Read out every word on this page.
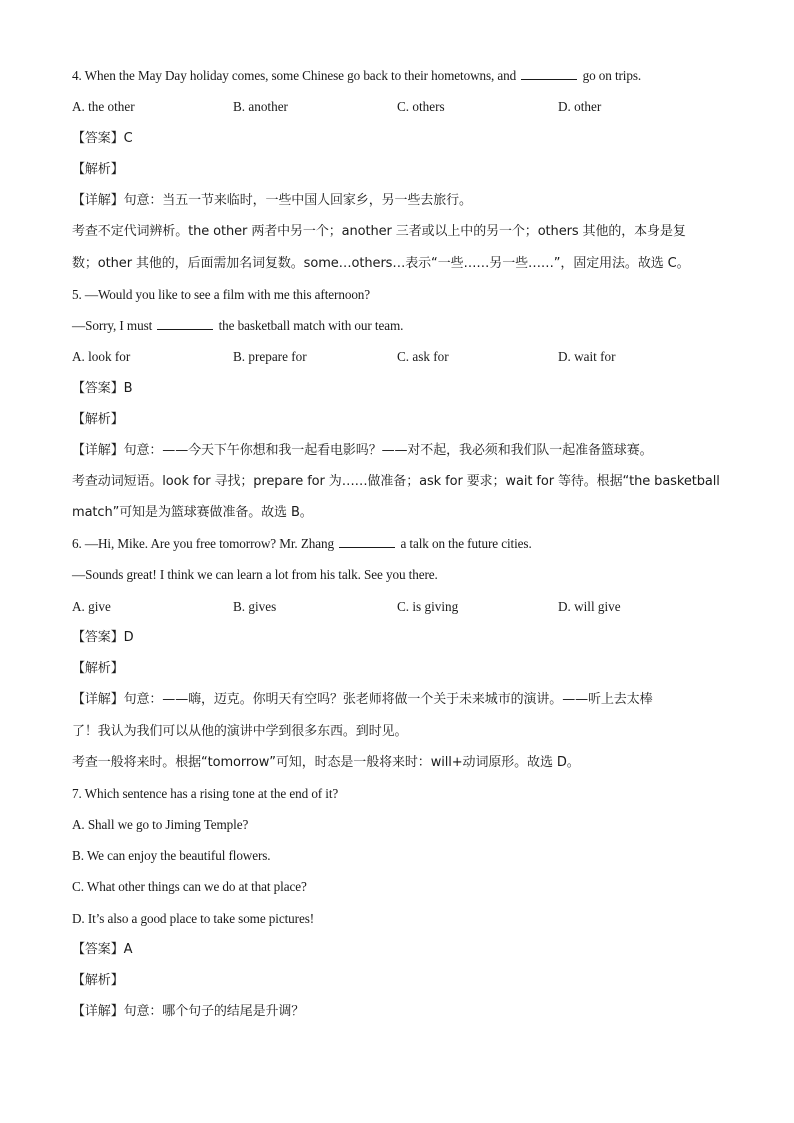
4. When the May Day holiday comes, some Chinese go back to their hometowns, and	go on trips.
A. the other	B. another	C. others	D. other
【答案】C
【解析】
【详解】句意：当五一节来临时，一些中国人回家乡，另一些去旅行。
考查不定代词辨析。the other 两者中另一个；another 三者或以上中的另一个；others 其他的，本身是复
数；other 其他的，后面需加名词复数。some…others…表示“一些……另一些……”，固定用法。故选 C。
5. —Would you like to see a film with me this afternoon?
—Sorry, I must	the basketball match with our team.
A. look for	B. prepare for	C. ask for	D. wait for
【答案】B
【解析】
【详解】句意：——今天下午你想和我一起看电影吗？——对不起，我必须和我们队一起准备篮球赛。
考查动词短语。look for 寻找；prepare for 为……做准备；ask for 要求；wait for 等待。根据“the basketball
match”可知是为篮球赛做准备。故选 B。
6. —Hi, Mike. Are you free tomorrow? Mr. Zhang	a talk on the future cities.
—Sounds great! I think we can learn a lot from his talk. See you there.
A. give	B. gives	C. is giving	D. will give
【答案】D
【解析】
【详解】句意：——嗨，迈克。你明天有空吗？张老师将做一个关于未来城市的演讲。——听上去太棒
了！我认为我们可以从他的演讲中学到很多东西。到时见。
考查一般将来时。根据“tomorrow”可知，时态是一般将来时：will+动词原形。故选 D。
7. Which sentence has a rising tone at the end of it?
A. Shall we go to Jiming Temple?
B. We can enjoy the beautiful flowers.
C. What other things can we do at that place?
D. It’s also a good place to take some pictures!
【答案】A
【解析】
【详解】句意：哪个句子的结尾是升调？
